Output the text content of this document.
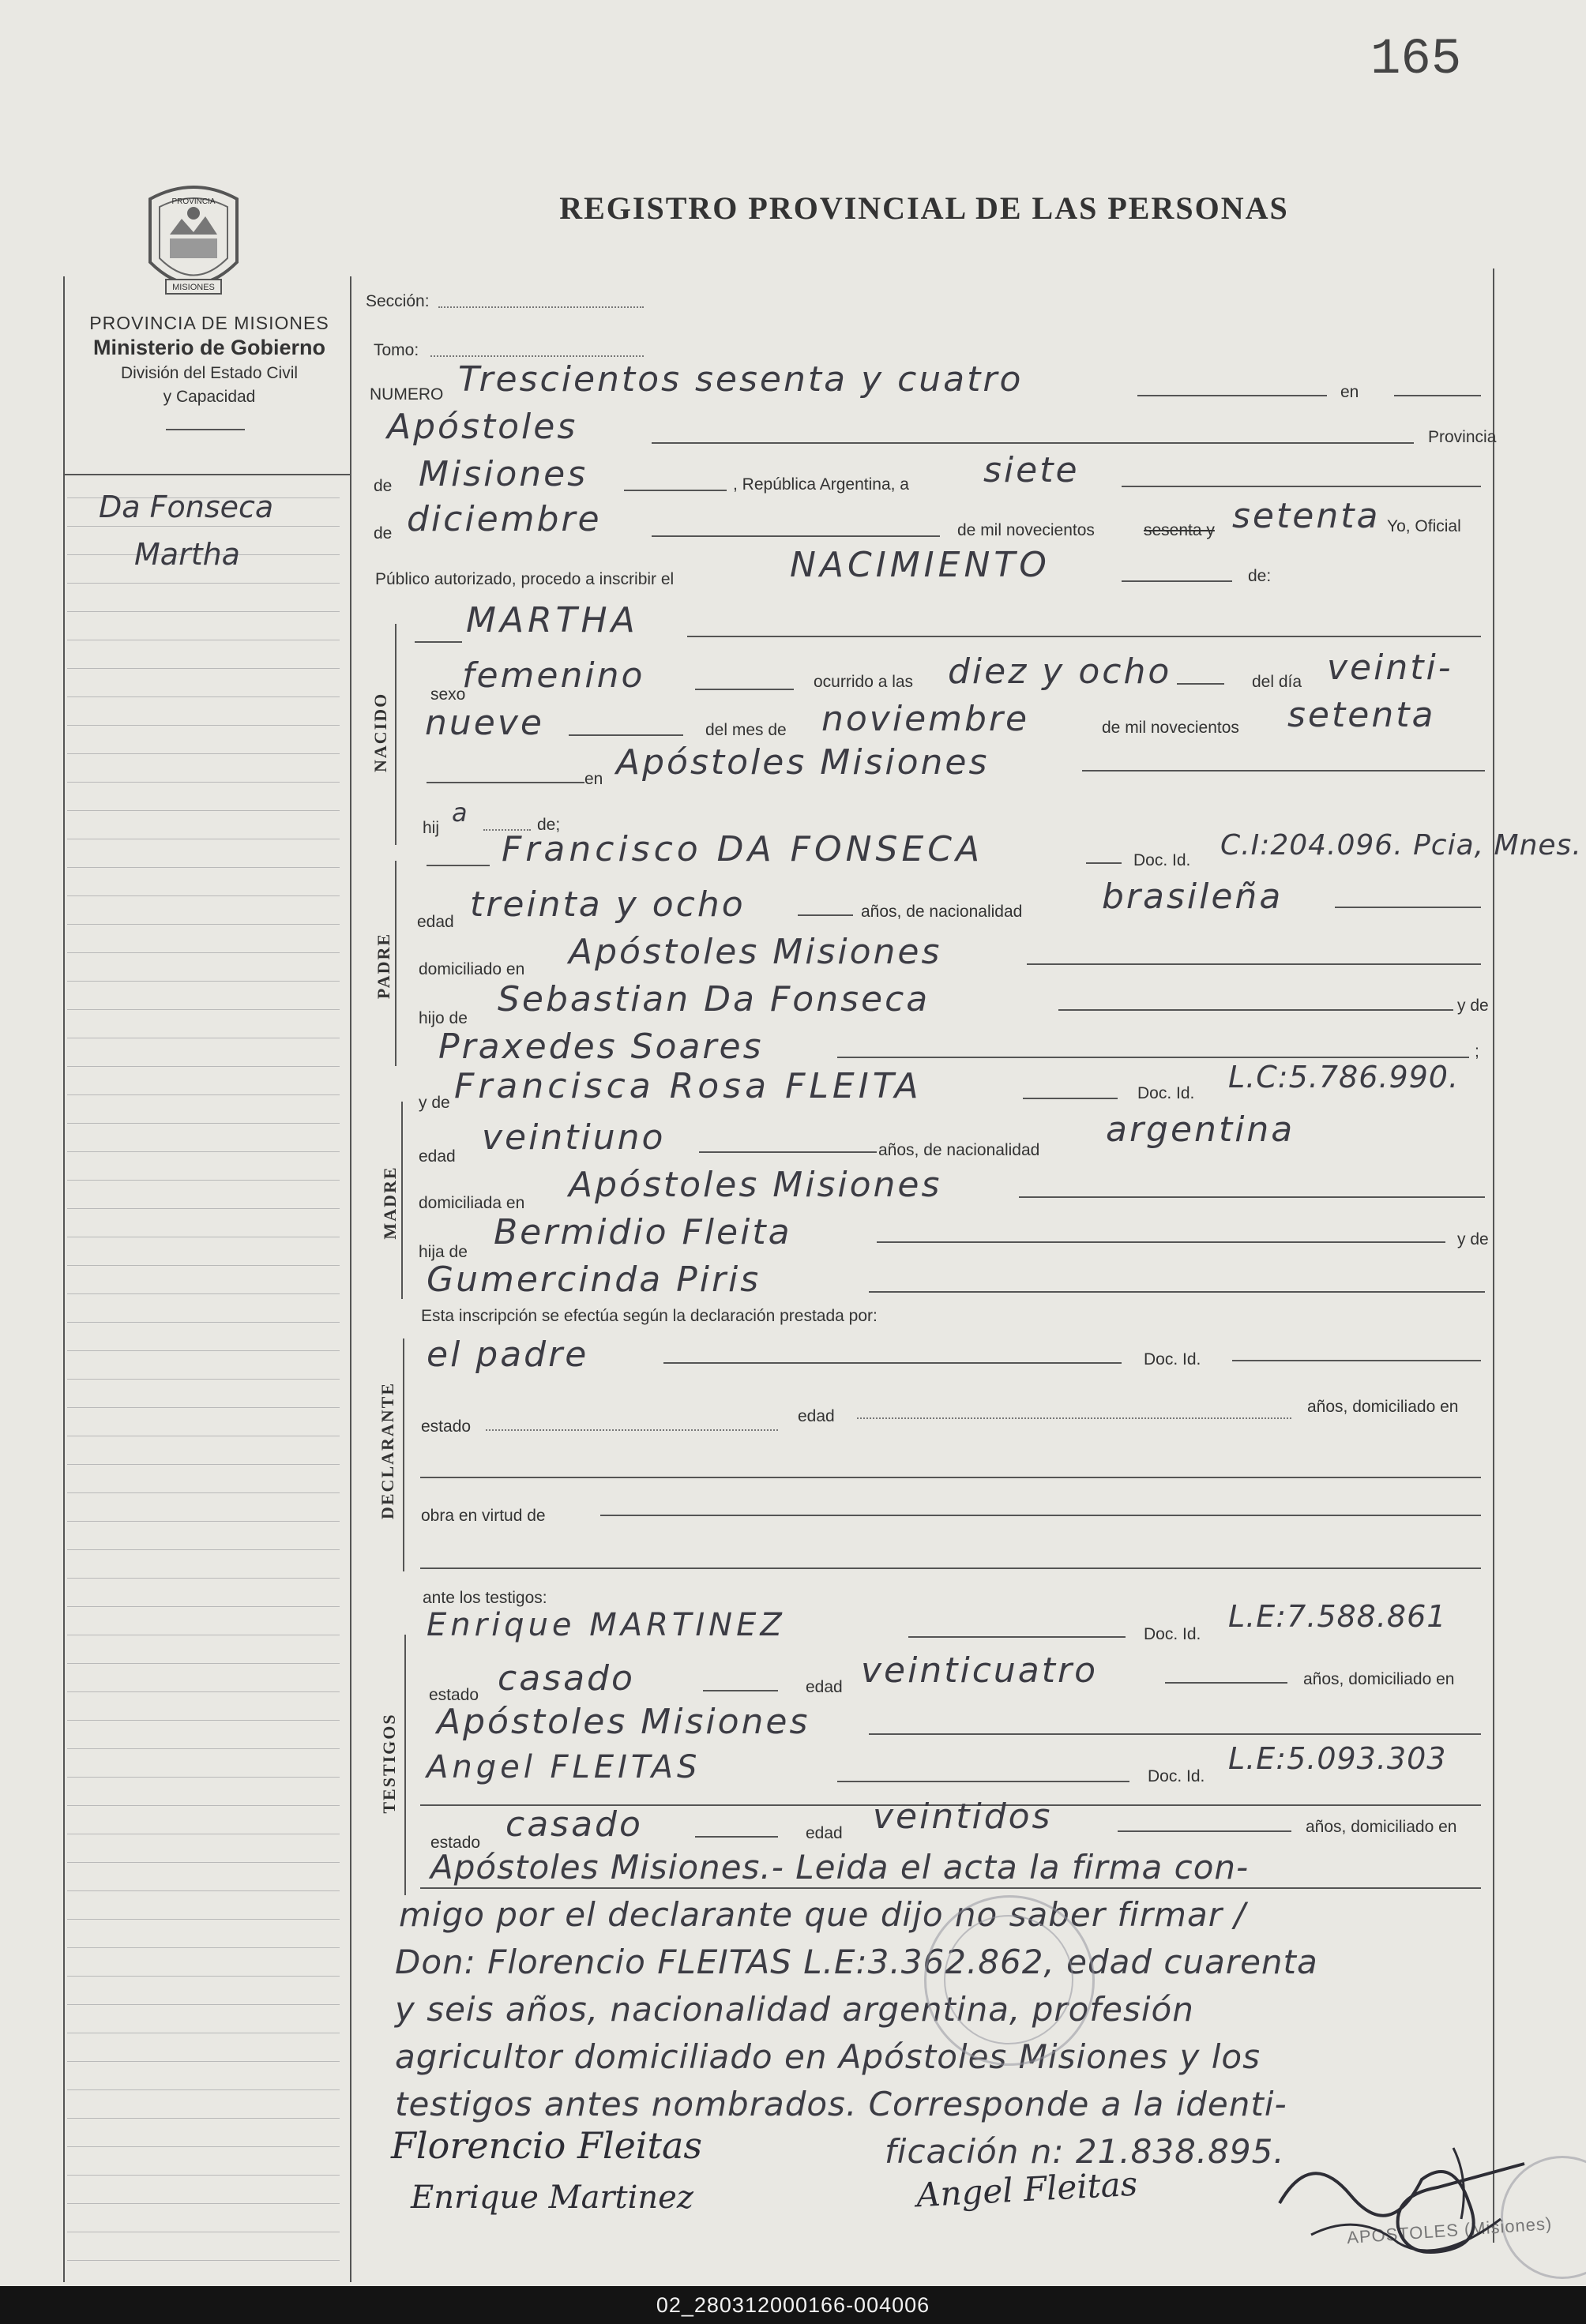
165
REGISTRO PROVINCIAL DE LAS PERSONAS
MISIONES
PROVINCIA
PROVINCIA DE MISIONES
Ministerio de Gobierno
División del Estado Civil
y Capacidad
Da Fonseca
Martha
NACIDO
PADRE
MADRE
DECLARANTE
TESTIGOS
Sección:
Tomo:
NUMERO Trescientos sesenta y cuatro	en
Apóstoles	Provincia
de Misiones	, República Argentina, a siete
de diciembre	de mil novecientos	sesenta y setenta Yo, Oficial
Público autorizado, procedo a inscribir el	NACIMIENTO	de:
MARTHA
sexo
femenino	ocurrido a las diez y ocho	del día veinti-
nueve	del mes de noviembre	de mil novecientos setenta
en Apóstoles Misiones
hij
a	de;
Francisco DA FONSECA	Doc. Id. C.I:204.096. Pcia, Mnes.
edad treinta y ocho	años, de nacionalidad brasileña
domiciliado en Apóstoles Misiones
hijo de Sebastian Da Fonseca	y de
Praxedes Soares	;
y de Francisca Rosa FLEITA	Doc. Id. L.C:5.786.990.
edad veintiuno	años, de nacionalidad
argentina
domiciliada en Apóstoles Misiones
hija de Bermidio Fleita	y de
Gumercinda Piris
Esta inscripción se efectúa según la declaración prestada por:
el padre	Doc. Id.
estado
edad
años, domiciliado en
obra en virtud de
ante los testigos:
Enrique MARTINEZ	Doc. Id.
L.E:7.588.861
estado casado	edad veinticuatro	años, domiciliado en
Apóstoles Misiones
Angel FLEITAS	Doc. Id.
L.E:5.093.303
estado casado	edad veintidos	años, domiciliado en
Apóstoles Misiones.- Leida el acta la firma con-
migo por el declarante que dijo no saber firmar /
Don: Florencio FLEITAS L.E:3.362.862, edad cuarenta
y seis años, nacionalidad argentina, profesión
agricultor domiciliado en Apóstoles Misiones y los
testigos antes nombrados. Corresponde a la identi-
ficación n: 21.838.895.
APOSTOLES (Misiones)
Florencio Fleitas
Enrique Martinez	Angel Fleitas
02_280312000166-004006
